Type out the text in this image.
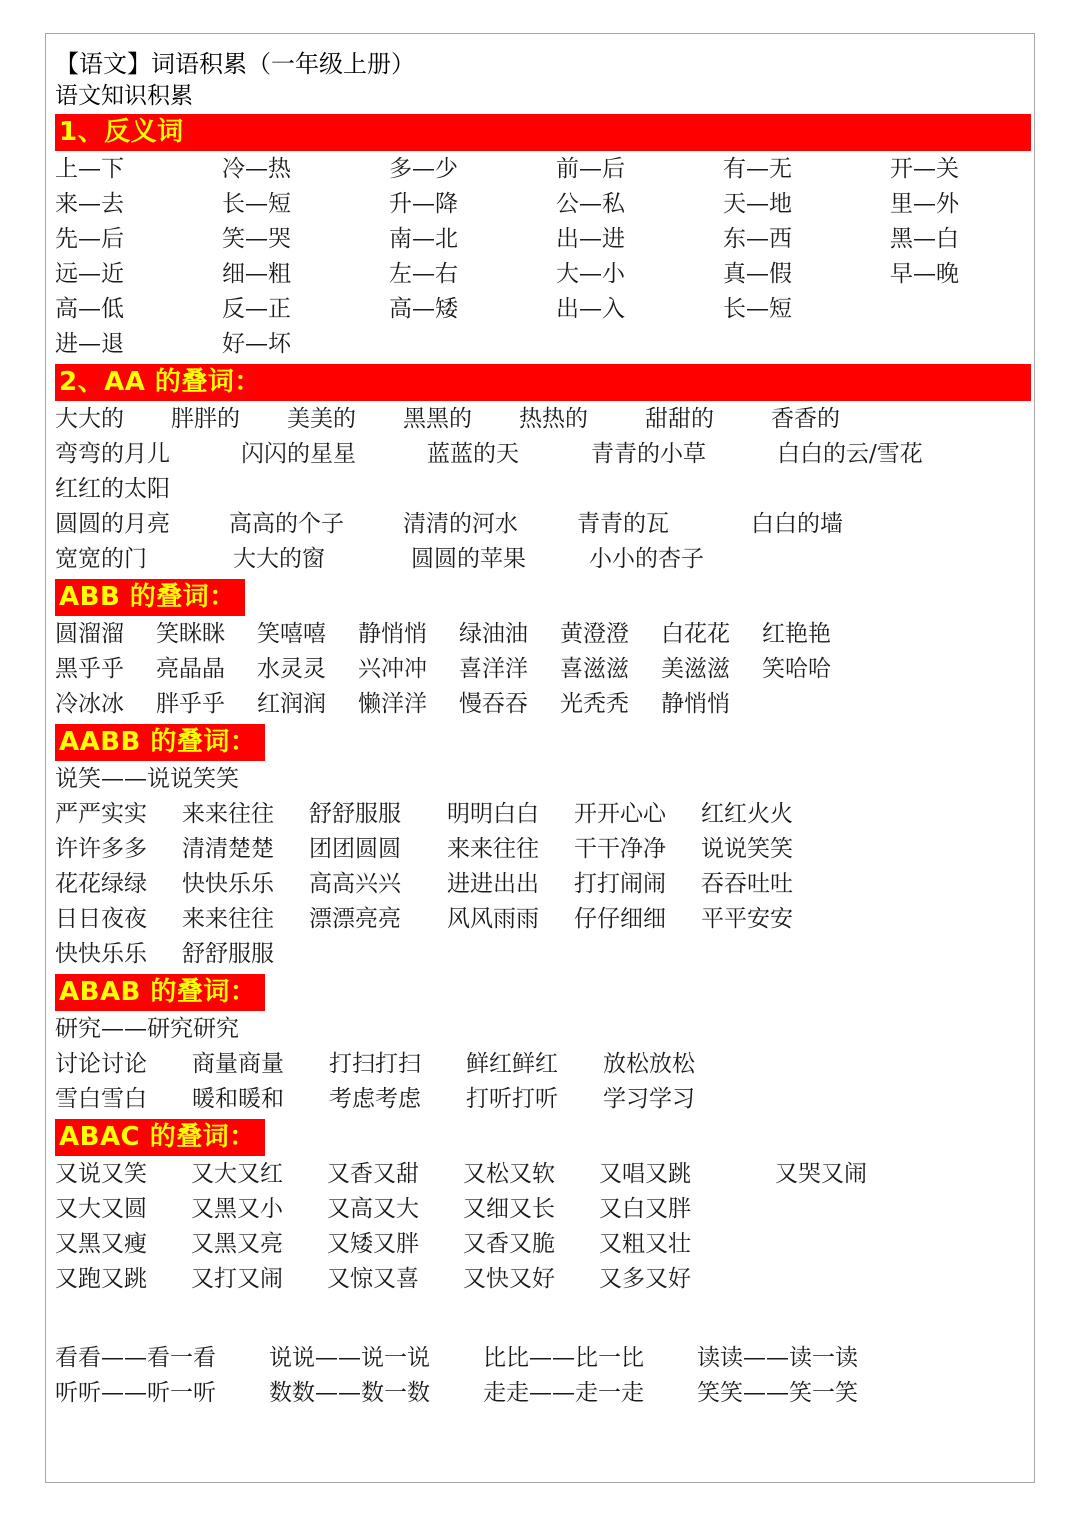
【语文】词语积累（一年级上册）
语文知识积累
1、反义词
上—下	冷—热	多—少	前—后	有—无	开—关
来—去	长—短	升—降	公—私	天—地	里—外
先—后	笑—哭	南—北	出—进	东—西	黑—白
远—近	细—粗	左—右	大—小	真—假	早—晚
高—低	反—正	高—矮	出—入	长—短
进—退	好—坏
2、AA 的叠词：
大大的 胖胖的 美美的 黑黑的 热热的 甜甜的 香香的
弯弯的月儿	闪闪的星星	蓝蓝的天	青青的小草	白白的云/雪花
红红的太阳
圆圆的月亮	高高的个子	清清的河水	青青的瓦	白白的墙
宽宽的门	大大的窗	圆圆的苹果	小小的杏子
ABB 的叠词：
圆溜溜 笑眯眯 笑嘻嘻 静悄悄 绿油油 黄澄澄 白花花 红艳艳
黑乎乎 亮晶晶 水灵灵 兴冲冲 喜洋洋 喜滋滋 美滋滋 笑哈哈
冷冰冰 胖乎乎 红润润 懒洋洋 慢吞吞 光秃秃 静悄悄
AABB 的叠词：
说笑——说说笑笑
严严实实 来来往往 舒舒服服 明明白白 开开心心 红红火火
许许多多 清清楚楚 团团圆圆 来来往往 干干净净 说说笑笑
花花绿绿 快快乐乐 高高兴兴 进进出出 打打闹闹 吞吞吐吐
日日夜夜 来来往往 漂漂亮亮 风风雨雨 仔仔细细 平平安安
快快乐乐 舒舒服服
ABAB 的叠词：
研究——研究研究
讨论讨论 商量商量 打扫打扫 鲜红鲜红 放松放松
雪白雪白 暖和暖和 考虑考虑 打听打听 学习学习
ABAC 的叠词：
又说又笑 又大又红 又香又甜 又松又软 又唱又跳	又哭又闹
又大又圆 又黑又小 又高又大 又细又长 又白又胖
又黑又瘦 又黑又亮 又矮又胖 又香又脆 又粗又壮
又跑又跳 又打又闹 又惊又喜 又快又好 又多又好
看看——看一看 说说——说一说 比比——比一比 读读——读一读
听听——听一听 数数——数一数 走走——走一走 笑笑——笑一笑
